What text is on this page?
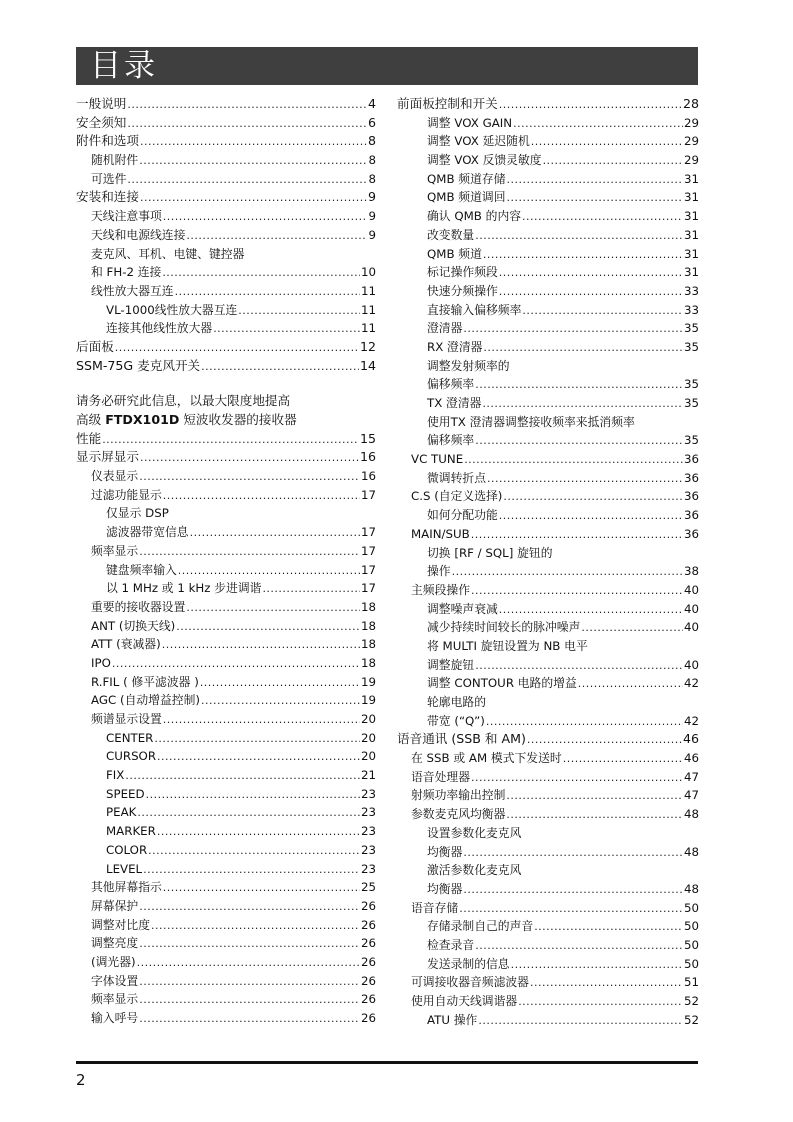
目录
一般说明 .....	4
安全须知 .....	6
附件和选项 .....	8
随机附件 .....	8
可选件 .....	8
安装和连接 .....	9
天线注意事项 .....	9
天线和电源线连接 .....	9
麦克风、耳机、电键、键控器
和 FH-2 连接 .....	10
线性放大器互连 .....	11
VL-1000线性放大器互连 .....	11
连接其他线性放大器 .....	11
后面板 .....	12
SSM-75G 麦克风开关 .....	14
请务必研究此信息，以最大限度地提高
高级 FTDX101D 短波收发器的接收器
性能 .....	15
显示屏显示 .....	16
仪表显示 .....	16
过滤功能显示 .....	17
仅显示 DSP
滤波器带宽信息 .....	17
频率显示 .....	17
键盘频率输入 .....	17
以 1 MHz 或 1 kHz 步进调谐 .....	17
重要的接收器设置 .....	18
ANT (切换天线) .....	18
ATT (衰减器) .....	18
IPO .....	18
R.FIL ( 修平滤波器 ) .....	19
AGC (自动增益控制) .....	19
频谱显示设置 .....	20
CENTER .....	20
CURSOR .....	20
FIX .....	21
SPEED .....	23
PEAK .....	23
MARKER .....	23
COLOR .....	23
LEVEL .....	23
其他屏幕指示 .....	25
屏幕保护 .....	26
调整对比度 .....	26
调整亮度 .....	26
(调光器) .....	26
字体设置 .....	26
频率显示 .....	26
输入呼号 .....	26
前面板控制和开关 .....	28
调整 VOX GAIN .....	29
调整 VOX 延迟随机 .....	29
调整 VOX 反馈灵敏度 .....	29
QMB 频道存储 .....	31
QMB 频道调回 .....	31
确认 QMB 的内容 .....	31
改变数量 .....	31
QMB 频道 .....	31
标记操作频段 .....	31
快速分频操作 .....	33
直接输入偏移频率 .....	33
澄清器 .....	35
RX 澄清器 .....	35
调整发射频率的
偏移频率 .....	35
TX 澄清器 .....	35
使用TX 澄清器调整接收频率来抵消频率
偏移频率 .....	35
VC TUNE .....	36
微调转折点 .....	36
C.S (自定义选择) .....	36
如何分配功能 .....	36
MAIN/SUB .....	36
切换 [RF / SQL] 旋钮的
操作 .....	38
主频段操作 .....	40
调整噪声衰减 .....	40
减少持续时间较长的脉冲噪声 .....	40
将 MULTI 旋钮设置为 NB 电平
调整旋钮 .....	40
调整 CONTOUR 电路的增益 .....	42
轮廓电路的
带宽 (“Q”) .....	42
语音通讯 (SSB 和 AM) .....	46
在 SSB 或 AM 模式下发送时 .....	46
语音处理器 .....	47
射频功率输出控制 .....	47
参数麦克风均衡器 .....	48
设置参数化麦克风
均衡器 .....	48
激活参数化麦克风
均衡器 .....	48
语音存储 .....	50
存储录制自己的声音 .....	50
检查录音 .....	50
发送录制的信息 .....	50
可调接收器音频滤波器 .....	51
使用自动天线调谐器 .....	52
ATU 操作 .....	52
2
